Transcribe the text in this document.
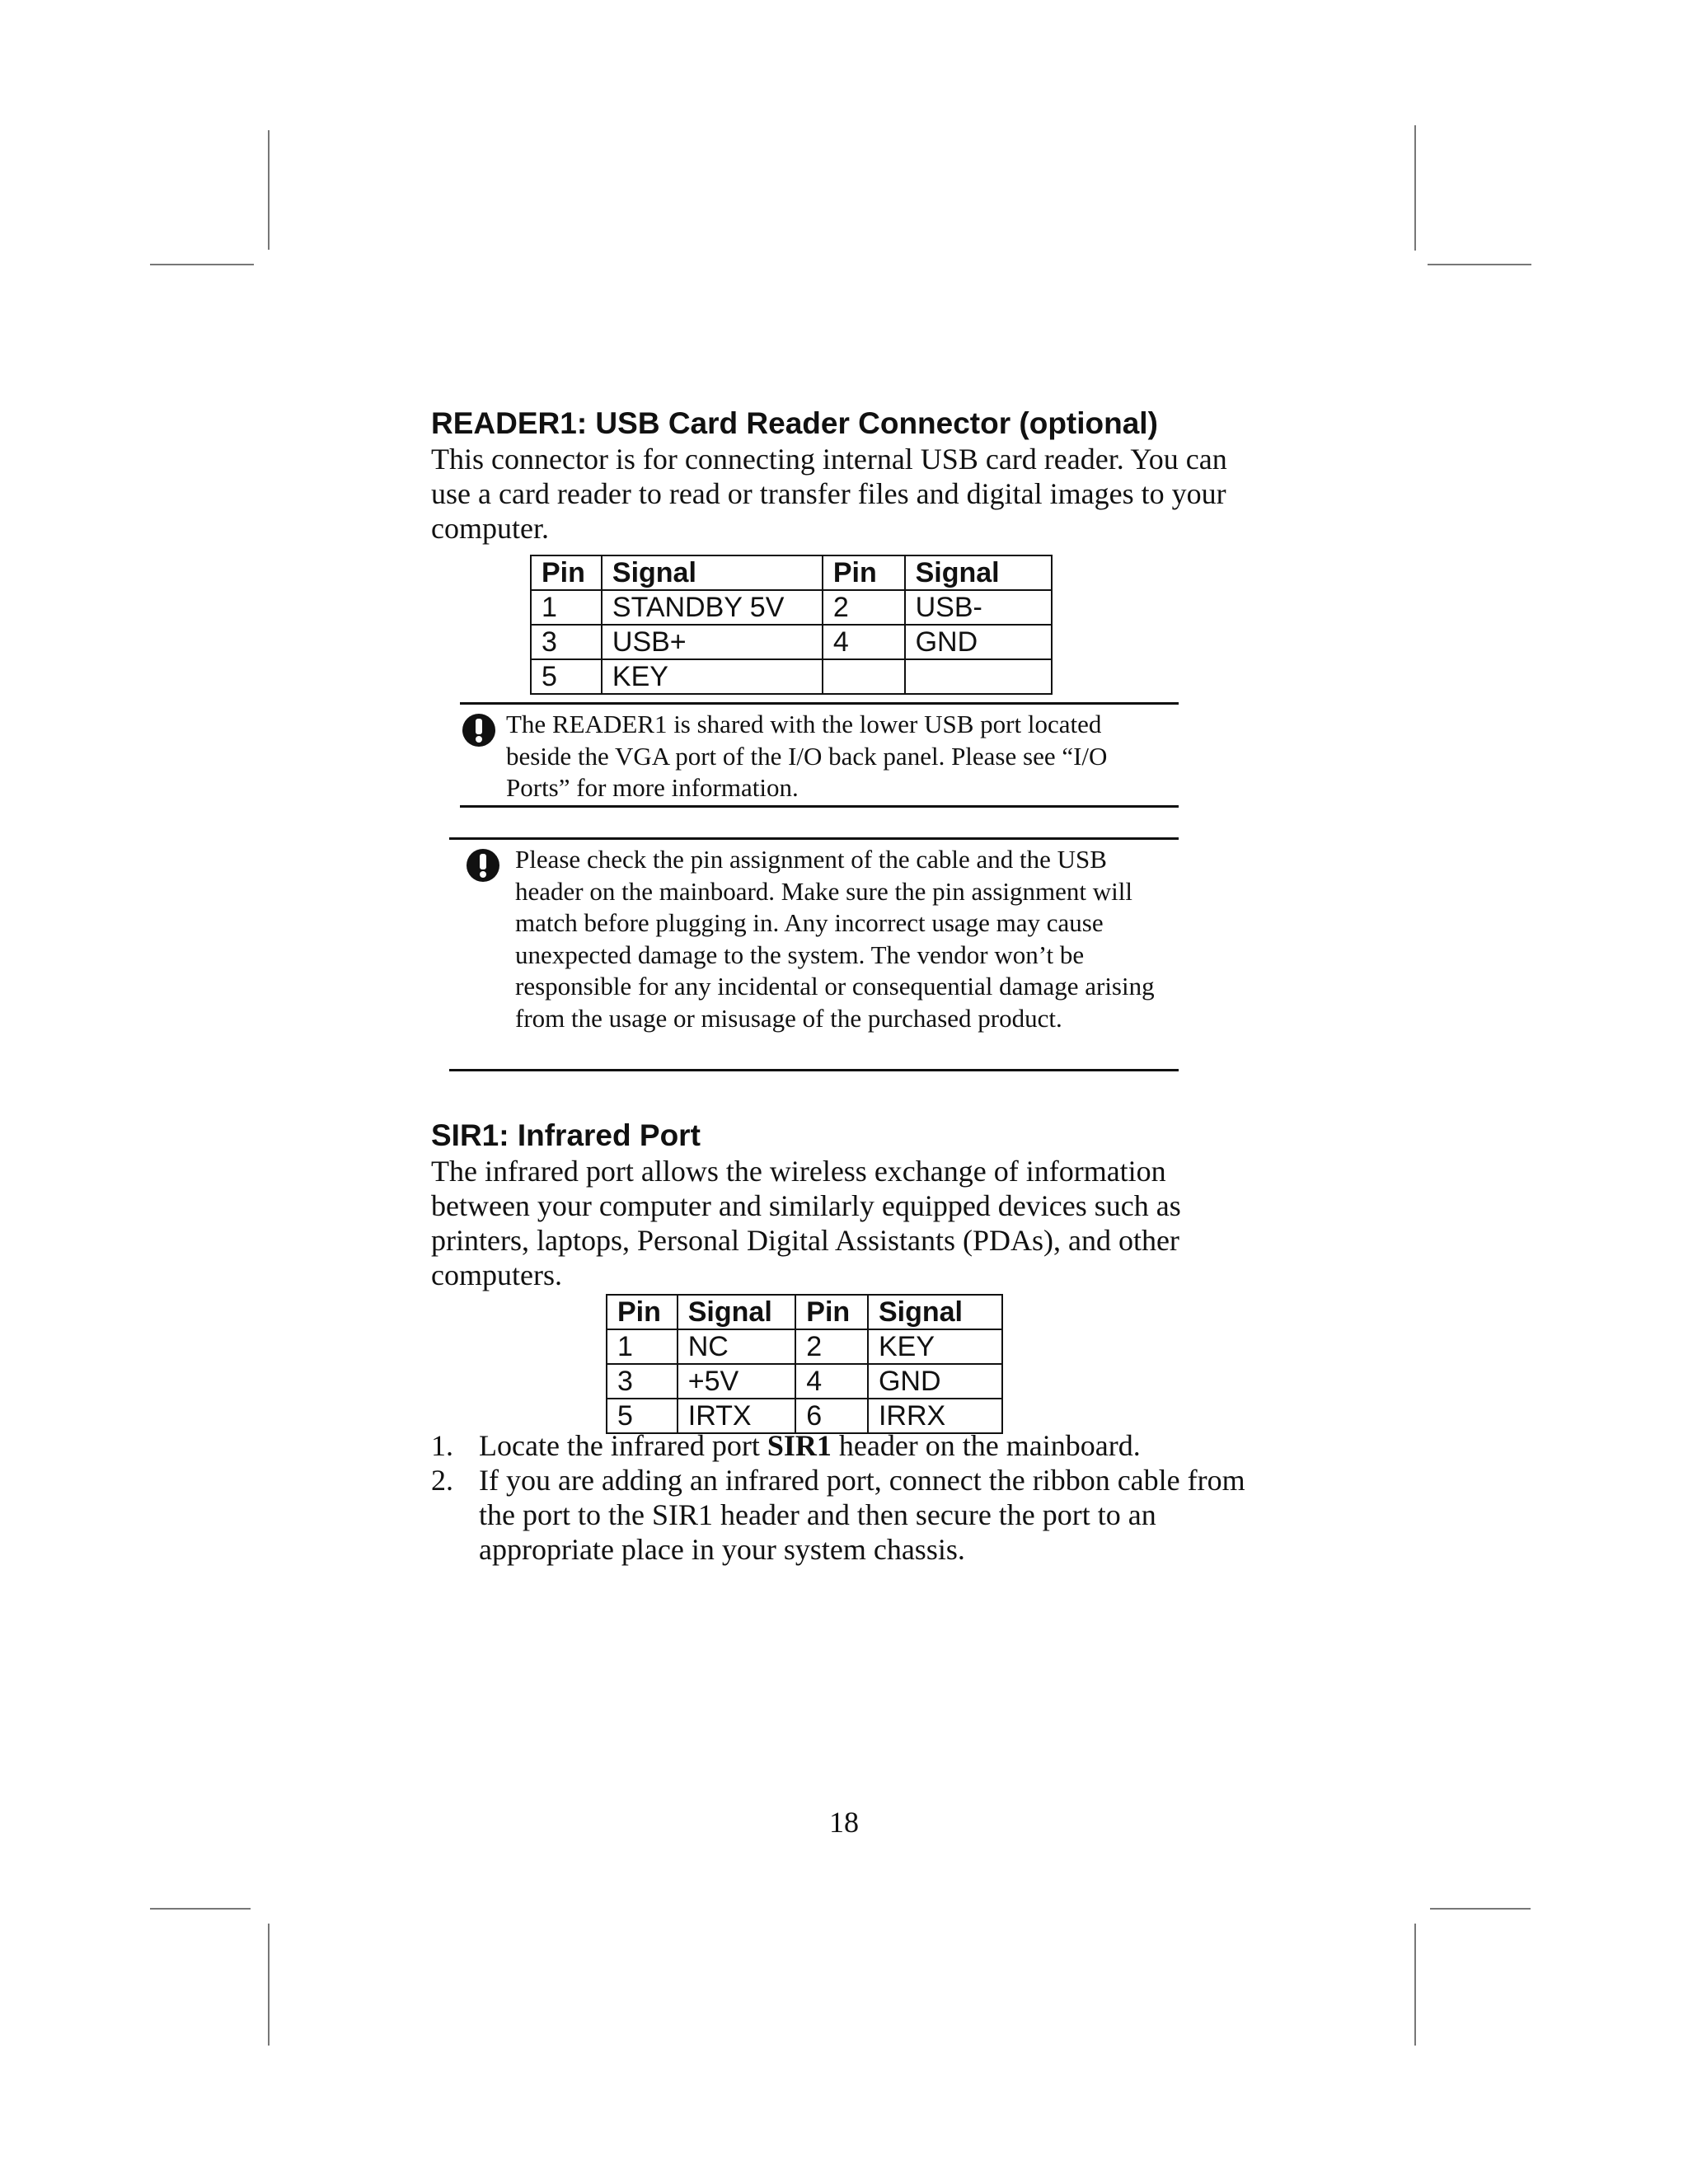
READER1: USB Card Reader Connector (optional)

This connector is for connecting internal USB card reader. You can use a card reader to read or transfer files and digital images to your computer.

Pin	Signal	Pin	Signal
1	STANDBY 5V	2	USB-
3	USB+	4	GND
5	KEY		
The READER1 is shared with the lower USB port located beside the VGA port of the I/O back panel. Please see “I/O Ports” for more information.
Please check the pin assignment of the cable and the USB header on the mainboard. Make sure the pin assignment will match before plugging in. Any incorrect usage may cause unexpected damage to the system. The vendor won’t be responsible for any incidental or consequential damage arising from the usage or misusage of the purchased product.
SIR1: Infrared Port

The infrared port allows the wireless exchange of information between your computer and similarly equipped devices such as printers, laptops, Personal Digital Assistants (PDAs), and other computers.

Pin	Signal	Pin	Signal
1	NC	2	KEY
3	+5V	4	GND
5	IRTX	6	IRRX
1. Locate the infrared port SIR1 header on the mainboard.
2. If you are adding an infrared port, connect the ribbon cable from the port to the SIR1 header and then secure the port to an appropriate place in your system chassis.
18
